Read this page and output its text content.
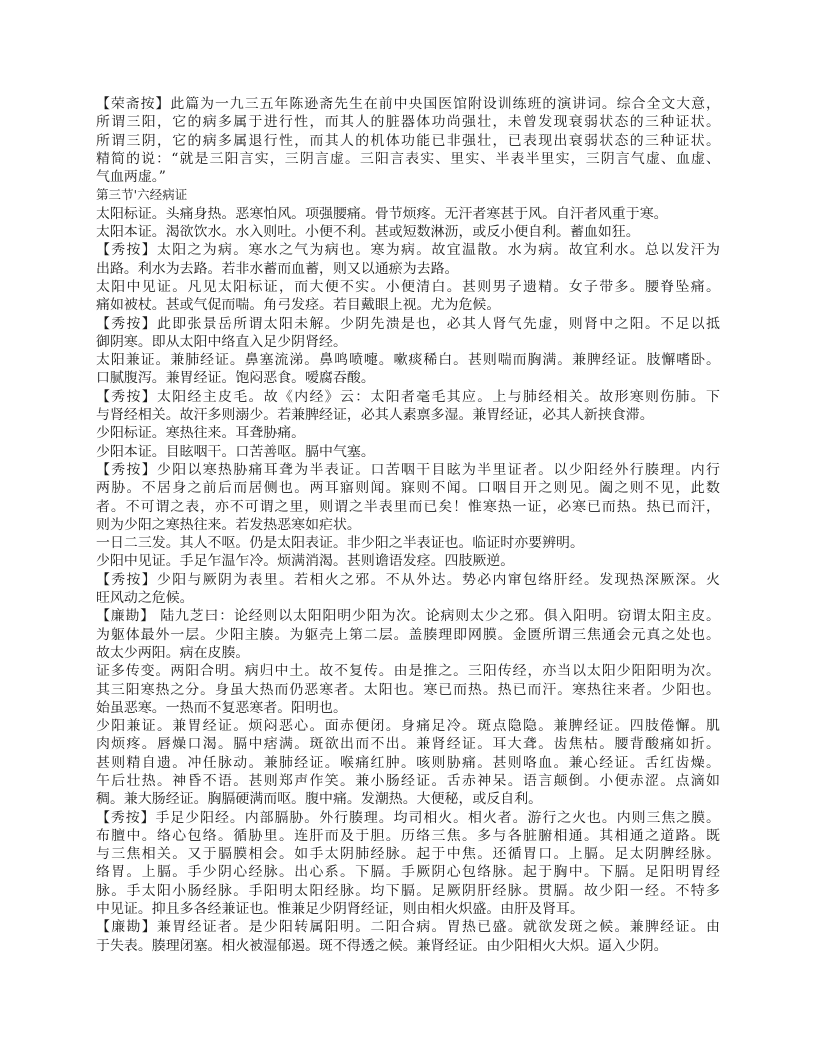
【荣斋按】此篇为一九三五年陈逊斋先生在前中央国医馆附设训练班的演讲词。综合全文大意，
所谓三阳，它的病多属于进行性，而其人的脏器体功尚强壮，未曾发现衰弱状态的三种证状。
所谓三阴，它的病多属退行性，而其人的机体功能已非强壮，已表现出衰弱状态的三种证状。
精简的说：“就是三阳言实，三阴言虚。三阳言表实、里实、半表半里实，三阴言气虚、血虚、
气血两虚。”
第三节'六经病证
太阳标证。头痛身热。恶寒怕风。项强腰痛。骨节烦疼。无汗者寒甚于风。自汗者风重于寒。
太阳本证。渴欲饮水。水入则吐。小便不利。甚或短数淋沥，或反小便自利。蓄血如狂。
【秀按】太阳之为病。寒水之气为病也。寒为病。故宜温散。水为病。故宜利水。总以发汗为
出路。利水为去路。若非水蓄而血蓄，则又以通瘀为去路。
太阳中见证。凡见太阳标证，而大便不实。小便清白。甚则男子遗精。女子带多。腰脊坠痛。
痛如被杖。甚或气促而喘。角弓发痉。若目戴眼上视。尤为危候。
【秀按】此即张景岳所谓太阳未解。少阴先溃是也，必其人肾气先虚，则肾中之阳。不足以抵
御阴寒。即从太阳中络直入足少阴肾经。
太阳兼证。兼肺经证。鼻塞流涕。鼻鸣喷嚏。嗽痰稀白。甚则喘而胸满。兼脾经证。肢懈嗜卧。
口腻腹泻。兼胃经证。饱闷恶食。嗳腐吞酸。
【秀按】太阳经主皮毛。故《内经》云：太阳者毫毛其应。上与肺经相关。故形寒则伤肺。下
与肾经相关。故汗多则溺少。若兼脾经证，必其人素禀多湿。兼胃经证，必其人新挟食滞。
少阳标证。寒热往来。耳聋胁痛。
少阳本证。目眩咽干。口苦善呕。膈中气塞。
【秀按】少阳以寒热胁痛耳聋为半表证。口苦咽干目眩为半里证者。以少阳经外行腠理。内行
两胁。不居身之前后而居侧也。两耳寤则闻。寐则不闻。口咽目开之则见。阖之则不见，此数
者。不可谓之表，亦不可谓之里，则谓之半表里而已矣！惟寒热一证，必寒已而热。热已而汗，
则为少阳之寒热往来。若发热恶寒如疟状。
一日二三发。其人不呕。仍是太阳表证。非少阳之半表证也。临证时亦要辨明。
少阳中见证。手足乍温乍冷。烦满消渴。甚则谵语发痉。四肢厥逆。
【秀按】少阳与厥阴为表里。若相火之邪。不从外达。势必内窜包络肝经。发现热深厥深。火
旺风动之危候。
【廉勘】 陆九芝曰：论经则以太阳阳明少阳为次。论病则太少之邪。俱入阳明。窃谓太阳主皮。
为躯体最外一层。少阳主腠。为躯壳上第二层。盖腠理即网膜。金匮所谓三焦通会元真之处也。
故太少两阳。病在皮腠。
证多传变。两阳合明。病归中土。故不复传。由是推之。三阳传经，亦当以太阳少阳阳明为次。
其三阳寒热之分。身虽大热而仍恶寒者。太阳也。寒已而热。热已而汗。寒热往来者。少阳也。
始虽恶寒。一热而不复恶寒者。阳明也。
少阳兼证。兼胃经证。烦闷恶心。面赤便闭。身痛足冷。斑点隐隐。兼脾经证。四肢倦懈。肌
肉烦疼。唇燥口渴。膈中痞满。斑欲出而不出。兼肾经证。耳大聋。齿焦枯。腰背酸痛如折。
甚则精自遗。冲任脉动。兼肺经证。喉痛红肿。咳则胁痛。甚则咯血。兼心经证。舌红齿燥。
午后壮热。神昏不语。甚则郑声作笑。兼小肠经证。舌赤神呆。语言颠倒。小便赤涩。点滴如
稠。兼大肠经证。胸膈硬满而呕。腹中痛。发潮热。大便秘，或反自利。
【秀按】手足少阳经。内部膈胁。外行腠理。均司相火。相火者。游行之火也。内则三焦之膜。
布膻中。络心包络。循胁里。连肝而及于胆。历络三焦。多与各脏腑相通。其相通之道路。既
与三焦相关。又于膈膜相会。如手太阴肺经脉。起于中焦。还循胃口。上膈。足太阴脾经脉。
络胃。上膈。手少阴心经脉。出心系。下膈。手厥阴心包络脉。起于胸中。下膈。足阳明胃经
脉。手太阳小肠经脉。手阳明太阳经脉。均下膈。足厥阴肝经脉。贯膈。故少阳一经。不特多
中见证。抑且多各经兼证也。惟兼足少阴肾经证，则由相火炽盛。由肝及肾耳。
【廉勘】兼胃经证者。是少阳转属阳明。二阳合病。胃热已盛。就欲发斑之候。兼脾经证。由
于失表。腠理闭塞。相火被湿郁遏。斑不得透之候。兼肾经证。由少阳相火大炽。逼入少阴。
